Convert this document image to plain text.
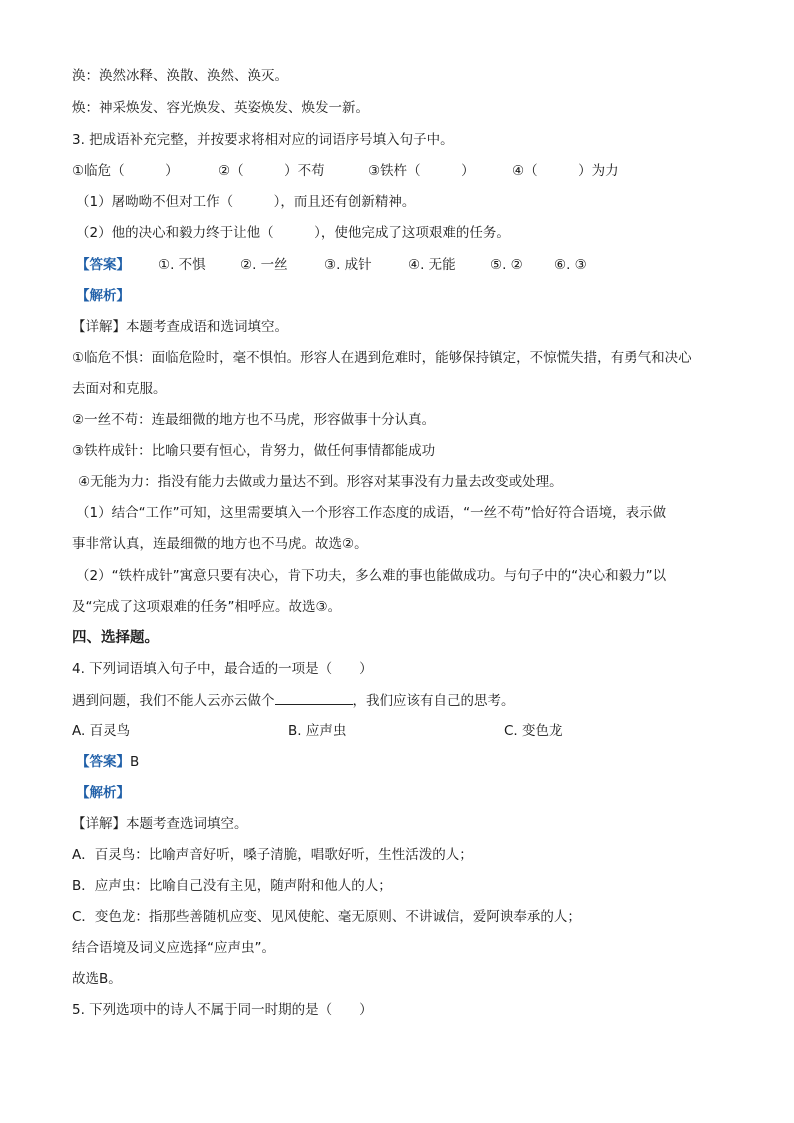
涣：涣然冰释、涣散、涣然、涣灭。
焕：神采焕发、容光焕发、英姿焕发、焕发一新。
3. 把成语补充完整，并按要求将相对应的词语序号填入句子中。
①临危（　　　）	②（　　　）不苟	③铁杵（　　　）	④（　　　）为力
（1）屠呦呦不但对工作（　　　），而且还有创新精神。
（2）他的决心和毅力终于让他（　　　），使他完成了这项艰难的任务。
【答案】 ①. 不惧	②. 一丝	③. 成针	④. 无能	⑤. ② ⑥. ③
【解析】
【详解】本题考查成语和选词填空。
①临危不惧：面临危险时，毫不惧怕。形容人在遇到危难时，能够保持镇定，不惊慌失措，有勇气和决心
去面对和克服。
②一丝不苟：连最细微的地方也不马虎，形容做事十分认真。
③铁杵成针：比喻只要有恒心，肯努力，做任何事情都能成功
④无能为力：指没有能力去做或力量达不到。形容对某事没有力量去改变或处理。
（1）结合“工作”可知，这里需要填入一个形容工作态度的成语，“一丝不苟”恰好符合语境，表示做
事非常认真，连最细微的地方也不马虎。故选②。
（2）“铁杵成针”寓意只要有决心，肯下功夫，多么难的事也能做成功。与句子中的“决心和毅力”以
及“完成了这项艰难的任务”相呼应。故选③。
四、选择题。
4. 下列词语填入句子中，最合适的一项是（　　）
遇到问题，我们不能人云亦云做个	，我们应该有自己的思考。
A. 百灵鸟	B. 应声虫	C. 变色龙
【答案】B
【解析】
【详解】本题考查选词填空。
A．百灵鸟：比喻声音好听，嗓子清脆，唱歌好听，生性活泼的人；
B．应声虫：比喻自己没有主见，随声附和他人的人；
C．变色龙：指那些善随机应变、见风使舵、毫无原则、不讲诚信，爱阿谀奉承的人；
结合语境及词义应选择“应声虫”。
故选B。
5. 下列选项中的诗人不属于同一时期的是（　　）
